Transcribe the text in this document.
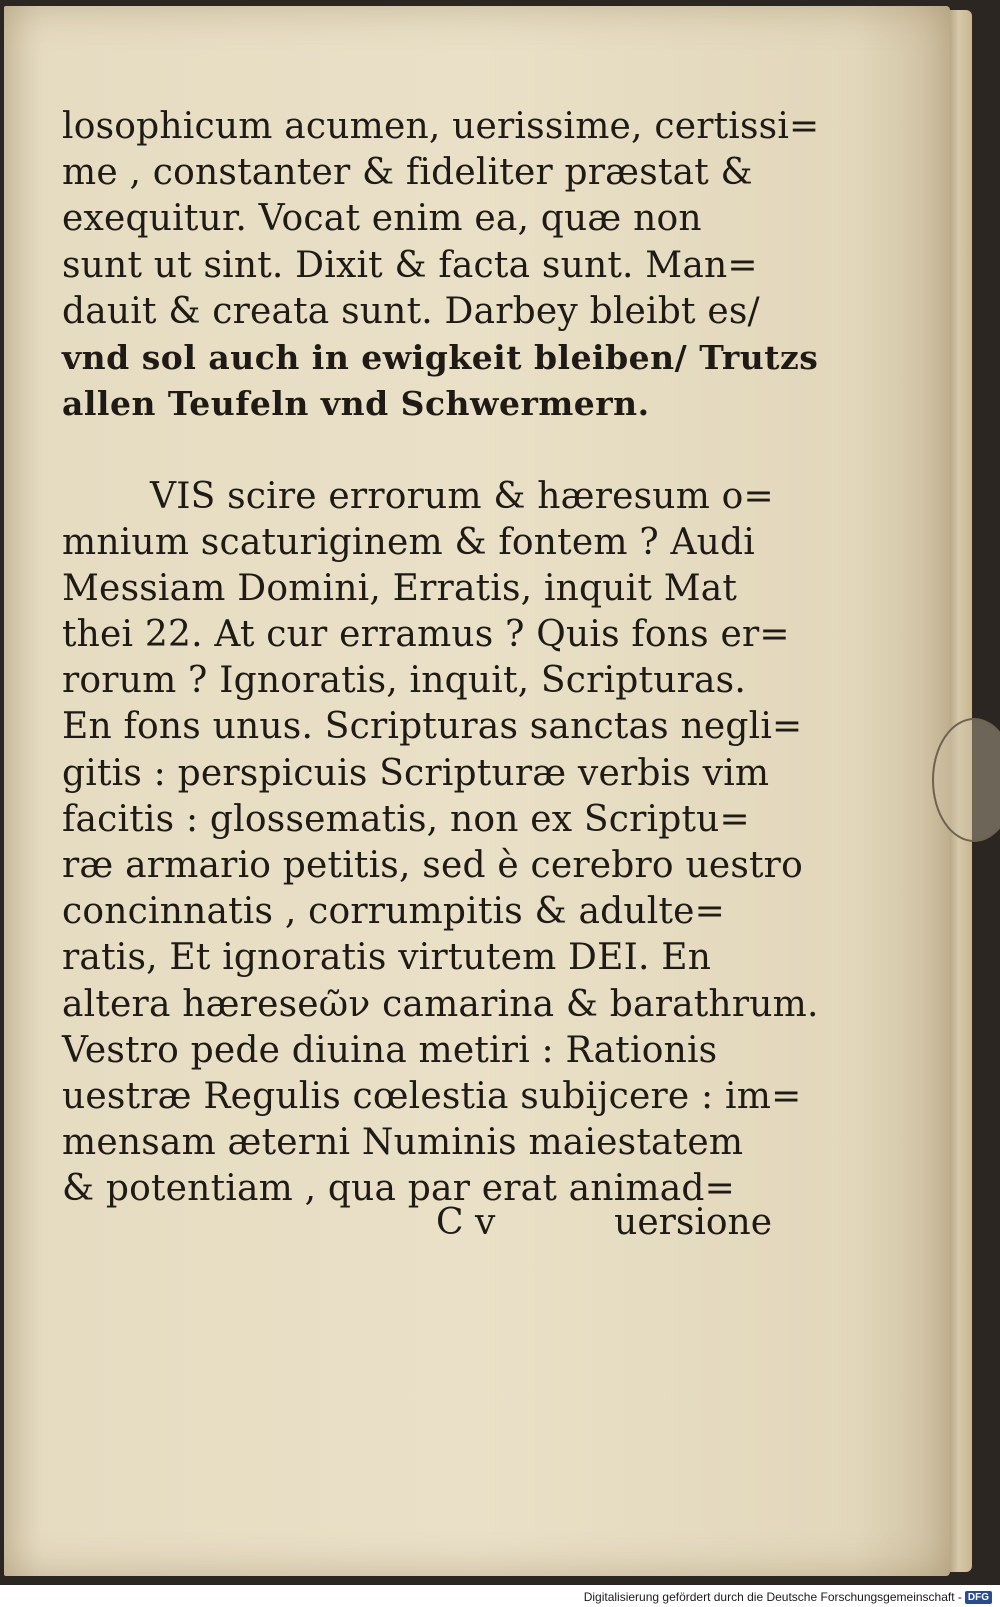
losophicum acumen, uerissime, certissi=
me , constanter & fideliter præstat &
exequitur. Vocat enim ea, quæ non
sunt ut sint. Dixit & facta sunt. Man=
dauit & creata sunt. Darbey bleibt es/
vnd sol auch in ewigkeit bleiben/ Trutzs
allen Teufeln vnd Schwermern.
VIS scire errorum & hæresum o=
mnium scaturiginem & fontem ? Audi
Messiam Domini, Erratis, inquit Mat
thei 22. At cur erramus ? Quis fons er=
rorum ? Ignoratis, inquit, Scripturas.
En fons unus. Scripturas sanctas negli=
gitis : perspicuis Scripturæ verbis vim
facitis : glossematis, non ex Scriptu=
ræ armario petitis, sed è cerebro uestro
concinnatis , corrumpitis & adulte=
ratis, Et ignoratis virtutem DEI. En
altera hæreseῶν camarina & barathrum.
Vestro pede diuina metiri : Rationis
uestræ Regulis cœlestia subijcere : im=
mensam æterni Numinis maiestatem
& potentiam , qua par erat animad=
C v	uersione
Digitalisierung gefördert durch die Deutsche Forschungsgemeinschaft - DFG
